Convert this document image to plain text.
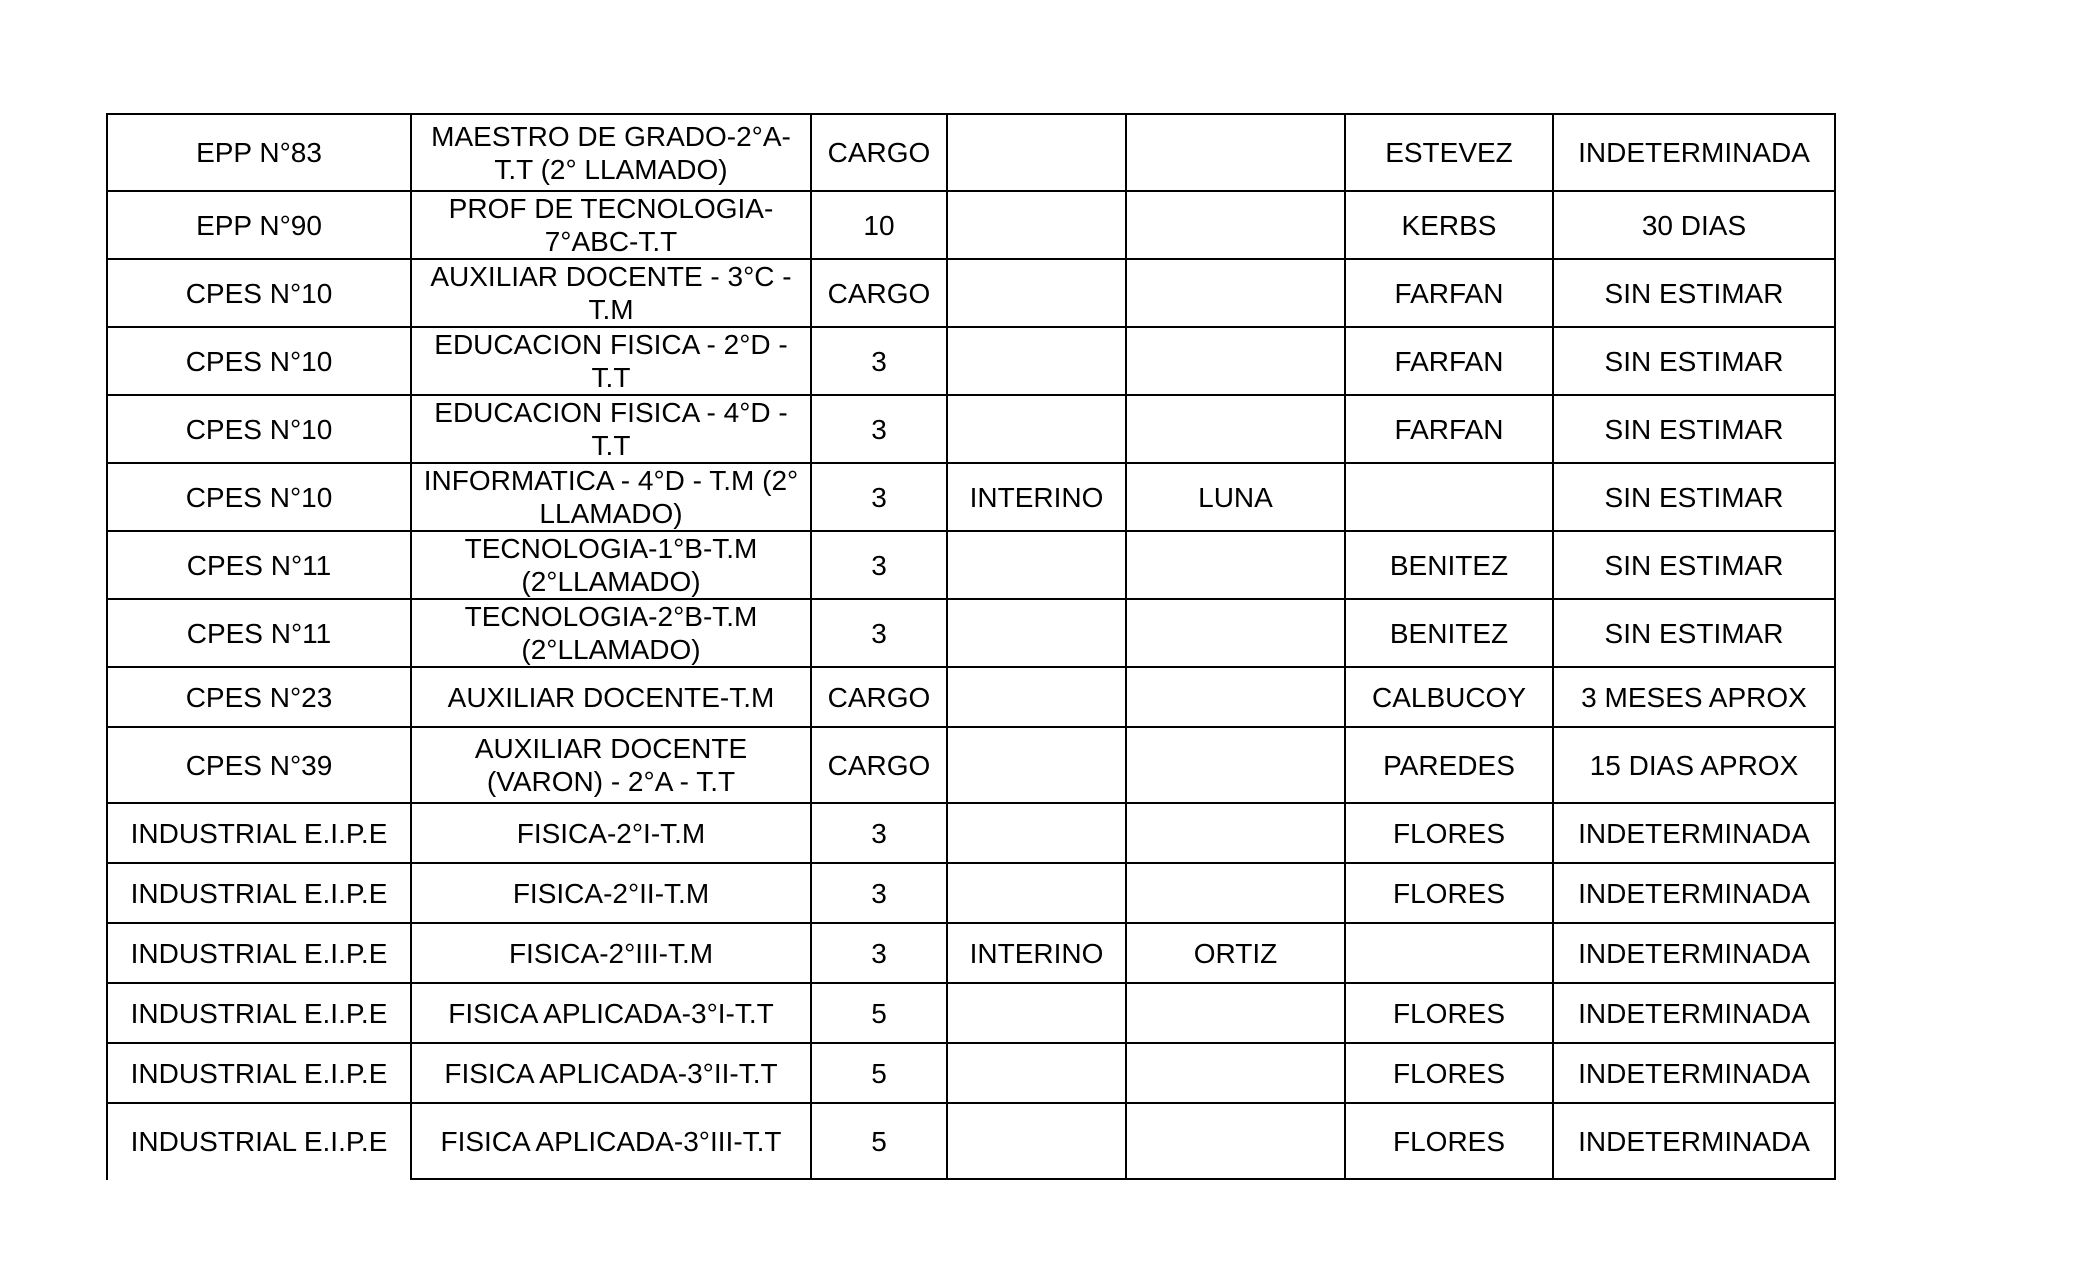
EPP N°83	MAESTRO DE GRADO-2°A-T.T (2° LLAMADO)	CARGO			ESTEVEZ	INDETERMINADA
EPP N°90	PROF DE TECNOLOGIA-7°ABC-T.T	10			KERBS	30 DIAS
CPES N°10	AUXILIAR DOCENTE - 3°C - T.M	CARGO			FARFAN	SIN ESTIMAR
CPES N°10	EDUCACION FISICA - 2°D - T.T	3			FARFAN	SIN ESTIMAR
CPES N°10	EDUCACION FISICA - 4°D - T.T	3			FARFAN	SIN ESTIMAR
CPES N°10	INFORMATICA - 4°D - T.M (2° LLAMADO)	3	INTERINO	LUNA		SIN ESTIMAR
CPES N°11	TECNOLOGIA-1°B-T.M (2°LLAMADO)	3			BENITEZ	SIN ESTIMAR
CPES N°11	TECNOLOGIA-2°B-T.M (2°LLAMADO)	3			BENITEZ	SIN ESTIMAR
CPES N°23	AUXILIAR DOCENTE-T.M	CARGO			CALBUCOY	3 MESES APROX
CPES N°39	AUXILIAR DOCENTE (VARON) - 2°A - T.T	CARGO			PAREDES	15 DIAS APROX
INDUSTRIAL E.I.P.E	FISICA-2°I-T.M	3			FLORES	INDETERMINADA
INDUSTRIAL E.I.P.E	FISICA-2°II-T.M	3			FLORES	INDETERMINADA
INDUSTRIAL E.I.P.E	FISICA-2°III-T.M	3	INTERINO	ORTIZ		INDETERMINADA
INDUSTRIAL E.I.P.E	FISICA APLICADA-3°I-T.T	5			FLORES	INDETERMINADA
INDUSTRIAL E.I.P.E	FISICA APLICADA-3°II-T.T	5			FLORES	INDETERMINADA
INDUSTRIAL E.I.P.E	FISICA APLICADA-3°III-T.T	5			FLORES	INDETERMINADA
